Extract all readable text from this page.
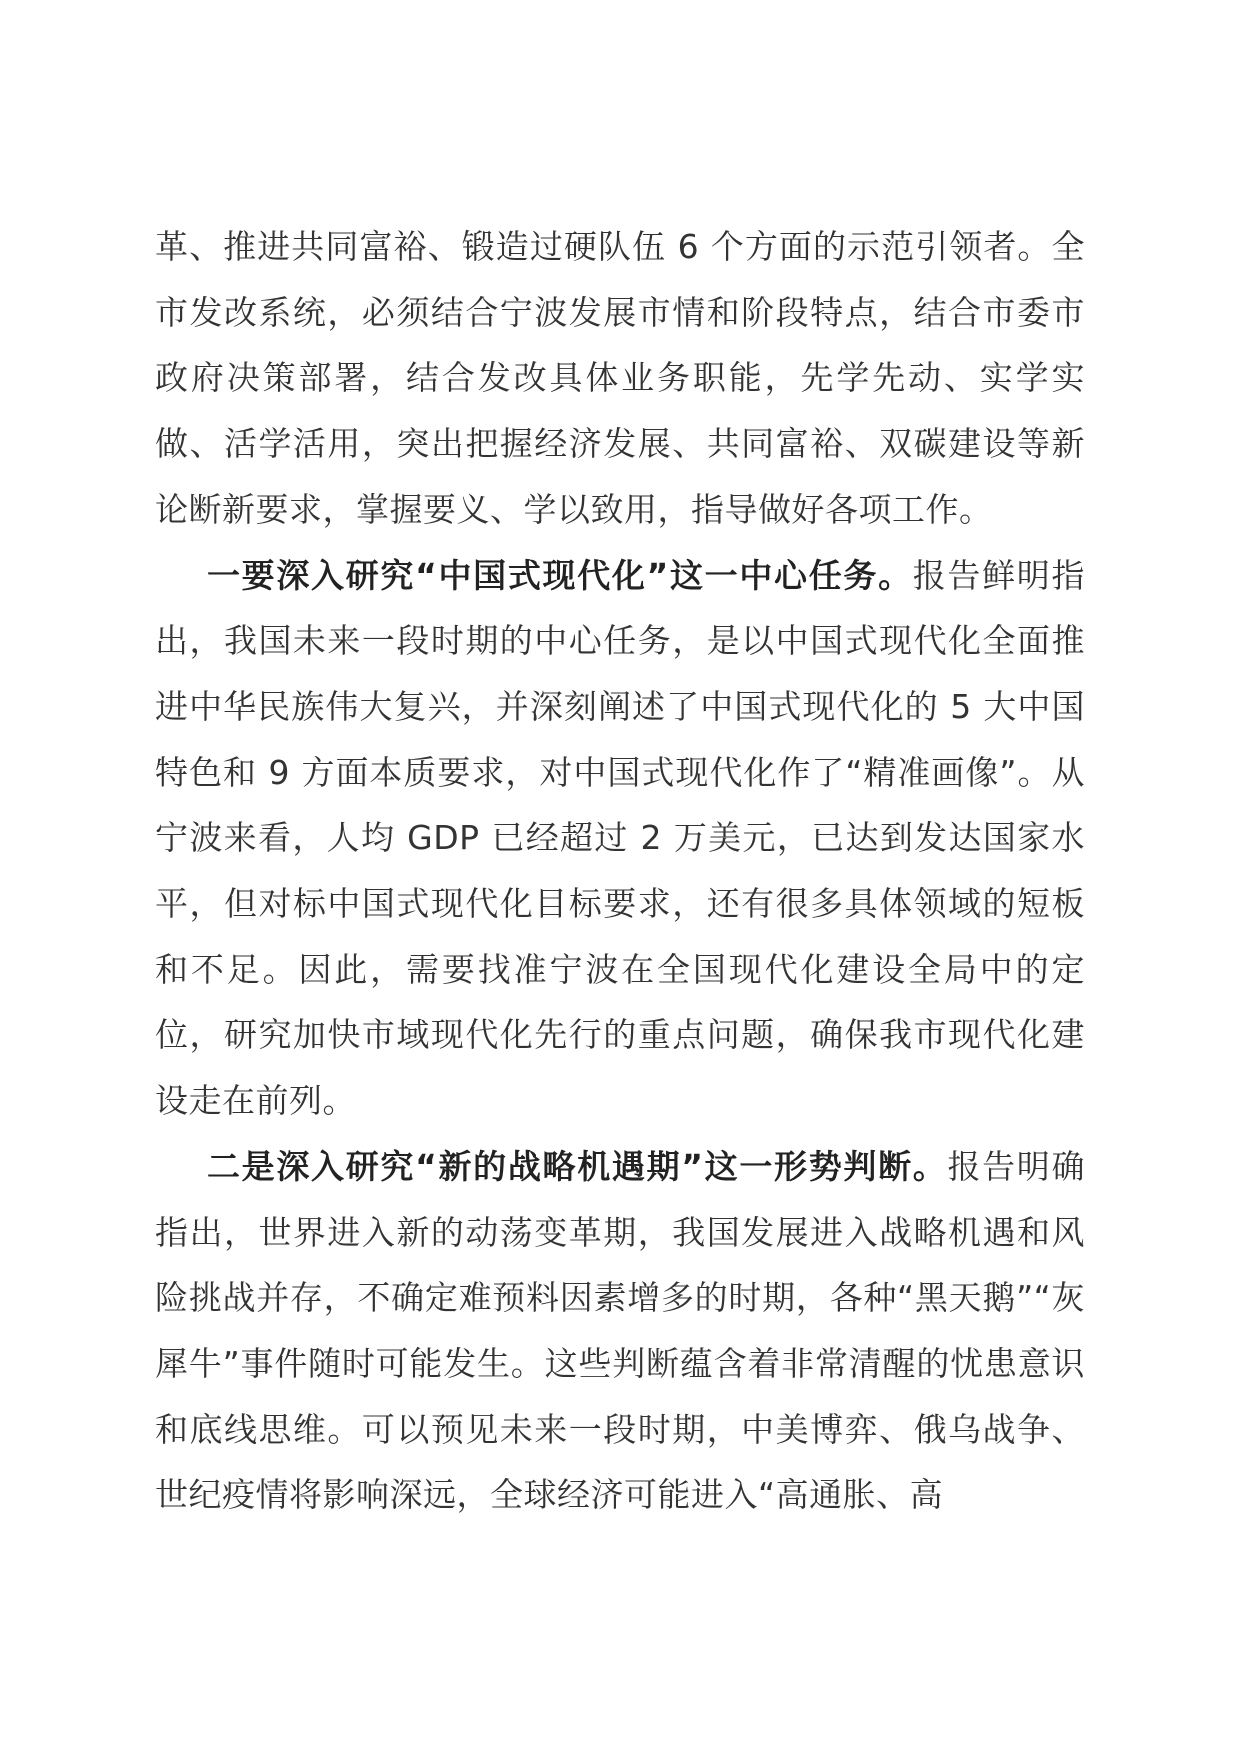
革、推进共同富裕、锻造过硬队伍 6 个方面的示范引领者。全市发改系统，必须结合宁波发展市情和阶段特点，结合市委市政府决策部署，结合发改具体业务职能，先学先动、实学实做、活学活用，突出把握经济发展、共同富裕、双碳建设等新论断新要求，掌握要义、学以致用，指导做好各项工作。

一要深入研究“中国式现代化”这一中心任务。报告鲜明指出，我国未来一段时期的中心任务，是以中国式现代化全面推进中华民族伟大复兴，并深刻阐述了中国式现代化的 5 大中国特色和 9 方面本质要求，对中国式现代化作了“精准画像”。从宁波来看，人均 GDP 已经超过 2 万美元，已达到发达国家水平，但对标中国式现代化目标要求，还有很多具体领域的短板和不足。因此，需要找准宁波在全国现代化建设全局中的定位，研究加快市域现代化先行的重点问题，确保我市现代化建设走在前列。

二是深入研究“新的战略机遇期”这一形势判断。报告明确指出，世界进入新的动荡变革期，我国发展进入战略机遇和风险挑战并存，不确定难预料因素增多的时期，各种“黑天鹅”“灰犀牛”事件随时可能发生。这些判断蕴含着非常清醒的忧患意识和底线思维。可以预见未来一段时期，中美博弈、俄乌战争、世纪疫情将影响深远，全球经济可能进入“高通胀、高
